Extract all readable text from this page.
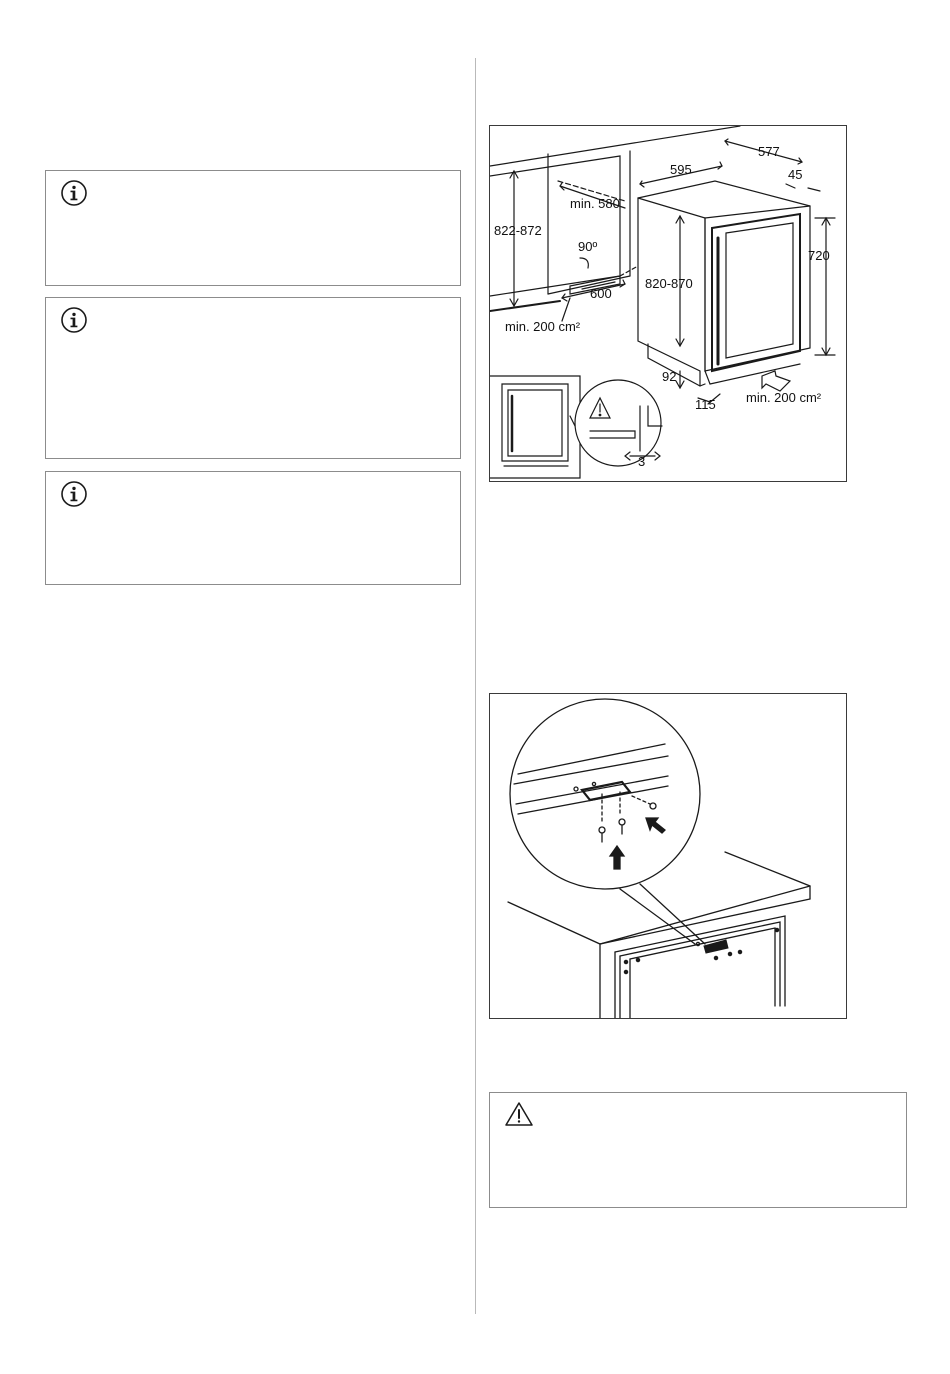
577
595	45
min. 580
822-872
90º
720
600
820-870
min. 200 cm²
92
115 min. 200 cm²
3
